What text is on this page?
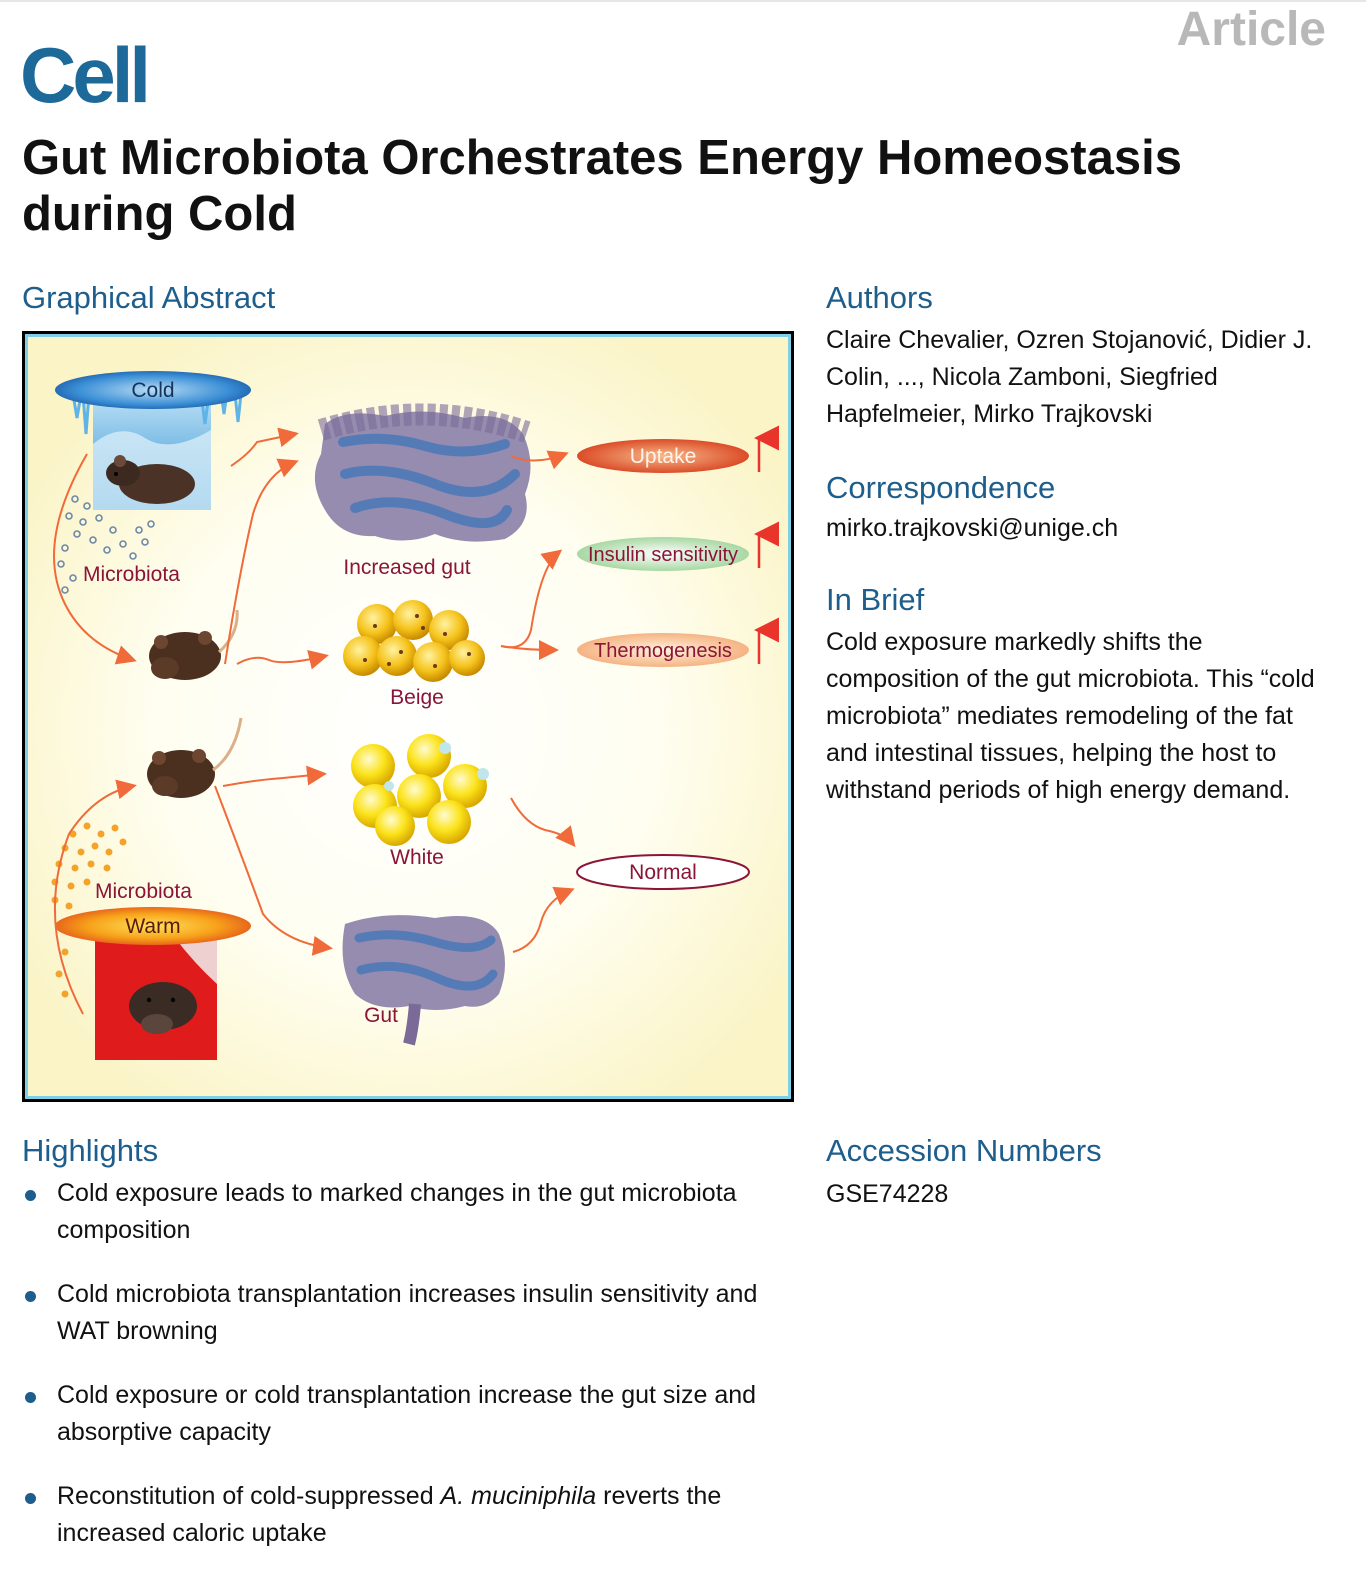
Cell
Article
Gut Microbiota Orchestrates Energy Homeostasis during Cold
Graphical Abstract
Cold
Microbiota
Microbiota
Warm
Increased gut
Beige
White
Gut
Uptake
Insulin sensitivity
Thermogenesis
Normal
Authors

Claire Chevalier, Ozren Stojanović, Didier J. Colin, ..., Nicola Zamboni, Siegfried Hapfelmeier, Mirko Trajkovski

Correspondence

mirko.trajkovski@unige.ch

In Brief

Cold exposure markedly shifts the composition of the gut microbiota. This “cold microbiota” mediates remodeling of the fat and intestinal tissues, helping the host to withstand periods of high energy demand.

Highlights
Cold exposure leads to marked changes in the gut microbiota composition
Cold microbiota transplantation increases insulin sensitivity and WAT browning
Cold exposure or cold transplantation increase the gut size and absorptive capacity
Reconstitution of cold-suppressed A. muciniphila reverts the increased caloric uptake
Accession Numbers

GSE74228
